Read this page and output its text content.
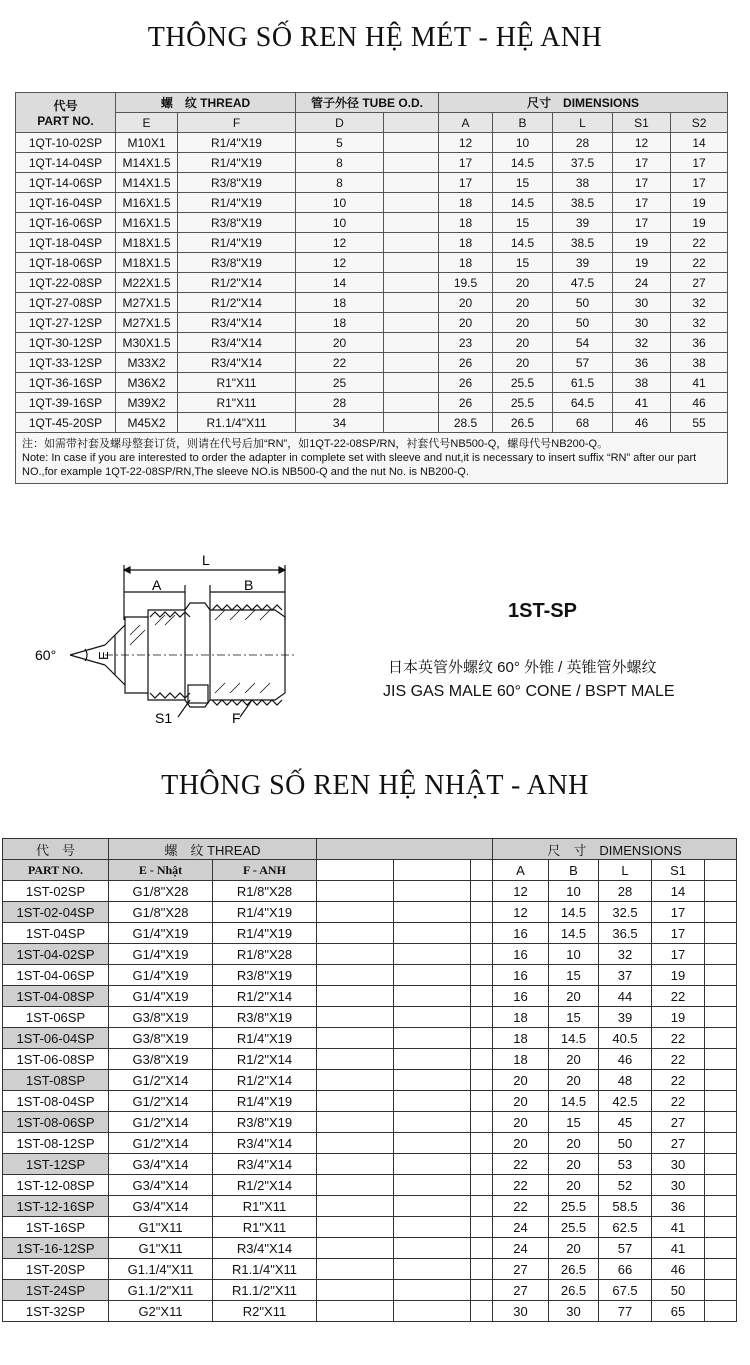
THÔNG SỐ REN HỆ MÉT - HỆ ANH
代号
PART NO.	螺　纹 THREAD		管子外径 TUBE O.D.		尺寸　DIMENSIONS				
	E	F	D		A	B	L	S1	S2
1QT-10-02SP	M10X1	R1/4"X19	5		12	10	28	12	14
1QT-14-04SP	M14X1.5	R1/4"X19	8		17	14.5	37.5	17	17
1QT-14-06SP	M14X1.5	R3/8"X19	8		17	15	38	17	17
1QT-16-04SP	M16X1.5	R1/4"X19	10		18	14.5	38.5	17	19
1QT-16-06SP	M16X1.5	R3/8"X19	10		18	15	39	17	19
1QT-18-04SP	M18X1.5	R1/4"X19	12		18	14.5	38.5	19	22
1QT-18-06SP	M18X1.5	R3/8"X19	12		18	15	39	19	22
1QT-22-08SP	M22X1.5	R1/2"X14	14		19.5	20	47.5	24	27
1QT-27-08SP	M27X1.5	R1/2"X14	18		20	20	50	30	32
1QT-27-12SP	M27X1.5	R3/4"X14	18		20	20	50	30	32
1QT-30-12SP	M30X1.5	R3/4"X14	20		23	20	54	32	36
1QT-33-12SP	M33X2	R3/4"X14	22		26	20	57	36	38
1QT-36-16SP	M36X2	R1"X11	25		26	25.5	61.5	38	41
1QT-39-16SP	M39X2	R1"X11	28		26	25.5	64.5	41	46
1QT-45-20SP	M45X2	R1.1/4"X11	34		28.5	26.5	68	46	55

注：如需带衬套及螺母整套订货，则请在代号后加“RN”，如1QT-22-08SP/RN，衬套代号NB500-Q，螺母代号NB200-Q。
Note: In case if you are interested to order the adapter in complete set with sleeve and nut,it is necessary to insert suffix “RN” after our part NO.,for example 1QT-22-08SP/RN,The sleeve NO.is NB500-Q and the nut No. is NB200-Q.									
L
A	B
E
60°
S1	F
1ST-SP
日本英管外螺纹 60° 外锥 / 英锥管外螺纹
JIS GAS MALE 60° CONE / BSPT MALE
THÔNG SỐ REN HỆ NHẬT - ANH
代　号	螺　纹 THREAD					尺　寸　DIMENSIONS				
PART NO.	E - Nhật	F - ANH				A	B	L	S1	
1ST-02SP	G1/8"X28	R1/8"X28				12	10	28	14	
1ST-02-04SP	G1/8"X28	R1/4"X19				12	14.5	32.5	17	
1ST-04SP	G1/4"X19	R1/4"X19				16	14.5	36.5	17	
1ST-04-02SP	G1/4"X19	R1/8"X28				16	10	32	17	
1ST-04-06SP	G1/4"X19	R3/8"X19				16	15	37	19	
1ST-04-08SP	G1/4"X19	R1/2"X14				16	20	44	22	
1ST-06SP	G3/8"X19	R3/8"X19				18	15	39	19	
1ST-06-04SP	G3/8"X19	R1/4"X19				18	14.5	40.5	22	
1ST-06-08SP	G3/8"X19	R1/2"X14				18	20	46	22	
1ST-08SP	G1/2"X14	R1/2"X14				20	20	48	22	
1ST-08-04SP	G1/2"X14	R1/4"X19				20	14.5	42.5	22	
1ST-08-06SP	G1/2"X14	R3/8"X19				20	15	45	27	
1ST-08-12SP	G1/2"X14	R3/4"X14				20	20	50	27	
1ST-12SP	G3/4"X14	R3/4"X14				22	20	53	30	
1ST-12-08SP	G3/4"X14	R1/2"X14				22	20	52	30	
1ST-12-16SP	G3/4"X14	R1"X11				22	25.5	58.5	36	
1ST-16SP	G1"X11	R1"X11				24	25.5	62.5	41	
1ST-16-12SP	G1"X11	R3/4"X14				24	20	57	41	
1ST-20SP	G1.1/4"X11	R1.1/4"X11				27	26.5	66	46	
1ST-24SP	G1.1/2"X11	R1.1/2"X11				27	26.5	67.5	50	
1ST-32SP	G2"X11	R2"X11				30	30	77	65	
